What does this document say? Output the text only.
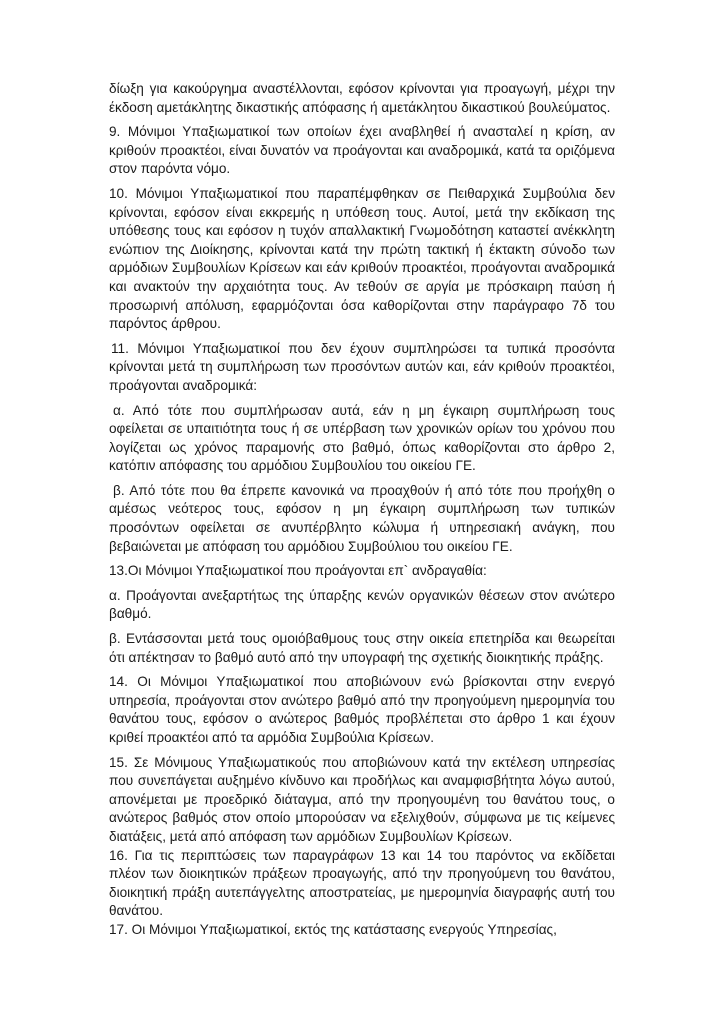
δίωξη για κακούργημα αναστέλλονται, εφόσον κρίνονται για προαγωγή, μέχρι την έκδοση αμετάκλητης δικαστικής απόφασης ή αμετάκλητου δικαστικού βουλεύματος.

9. Μόνιμοι Υπαξιωματικοί των οποίων έχει αναβληθεί ή ανασταλεί η κρίση, αν κριθούν προακτέοι, είναι δυνατόν να προάγονται και αναδρομικά, κατά τα οριζόμενα στον παρόντα νόμο.

10. Μόνιμοι Υπαξιωματικοί που παραπέμφθηκαν σε Πειθαρχικά Συμβούλια δεν κρίνονται, εφόσον είναι εκκρεμής η υπόθεση τους. Αυτοί, μετά την εκδίκαση της υπόθεσης τους και εφόσον η τυχόν απαλλακτική Γνωμοδότηση καταστεί ανέκκλητη ενώπιον της Διοίκησης, κρίνονται κατά την πρώτη τακτική ή έκτακτη σύνοδο των αρμόδιων Συμβουλίων Κρίσεων και εάν κριθούν προακτέοι, προάγονται αναδρομικά και ανακτούν την αρχαιότητα τους. Αν τεθούν σε αργία με πρόσκαιρη παύση ή προσωρινή απόλυση, εφαρμόζονται όσα καθορίζονται στην παράγραφο 7δ του παρόντος άρθρου.

11. Μόνιμοι Υπαξιωματικοί που δεν έχουν συμπληρώσει τα τυπικά προσόντα κρίνονται μετά τη συμπλήρωση των προσόντων αυτών και, εάν κριθούν προακτέοι, προάγονται αναδρομικά:

α. Από τότε που συμπλήρωσαν αυτά, εάν η μη έγκαιρη συμπλήρωση τους οφείλεται σε υπαιτιότητα τους ή σε υπέρβαση των χρονικών ορίων του χρόνου που λογίζεται ως χρόνος παραμονής στο βαθμό, όπως καθορίζονται στο άρθρο 2, κατόπιν απόφασης του αρμόδιου Συμβουλίου του οικείου ΓΕ.

β. Από τότε που θα έπρεπε κανονικά να προαχθούν ή από τότε που προήχθη ο αμέσως νεότερος τους, εφόσον η μη έγκαιρη συμπλήρωση των τυπικών προσόντων οφείλεται σε ανυπέρβλητο κώλυμα ή υπηρεσιακή ανάγκη, που βεβαιώνεται με απόφαση του αρμόδιου Συμβούλιου του οικείου ΓΕ.

13.Οι Μόνιμοι Υπαξιωματικοί που προάγονται επ` ανδραγαθία:

α. Προάγονται ανεξαρτήτως της ύπαρξης κενών οργανικών θέσεων στον ανώτερο βαθμό.

β. Εντάσσονται μετά τους ομοιόβαθμους τους στην οικεία επετηρίδα και θεωρείται ότι απέκτησαν το βαθμό αυτό από την υπογραφή της σχετικής διοικητικής πράξης.

14. Οι Μόνιμοι Υπαξιωματικοί που αποβιώνουν ενώ βρίσκονται στην ενεργό υπηρεσία, προάγονται στον ανώτερο βαθμό από την προηγούμενη ημερομηνία του θανάτου τους, εφόσον ο ανώτερος βαθμός προβλέπεται στο άρθρο 1 και έχουν κριθεί προακτέοι από τα αρμόδια Συμβούλια Κρίσεων.

15. Σε Μόνιμους Υπαξιωματικούς που αποβιώνουν κατά την εκτέλεση υπηρεσίας που συνεπάγεται αυξημένο κίνδυνο και προδήλως και αναμφισβήτητα λόγω αυτού, απονέμεται με προεδρικό διάταγμα, από την προηγουμένη του θανάτου τους, ο ανώτερος βαθμός στον οποίο μπορούσαν να εξελιχθούν, σύμφωνα με τις κείμενες διατάξεις, μετά από απόφαση των αρμόδιων Συμβουλίων Κρίσεων.

16. Για τις περιπτώσεις των παραγράφων 13 και 14 του παρόντος να εκδίδεται πλέον των διοικητικών πράξεων προαγωγής, από την προηγούμενη του θανάτου, διοικητική πράξη αυτεπάγγελτης αποστρατείας, με ημερομηνία διαγραφής αυτή του θανάτου.

17. Οι Μόνιμοι Υπαξιωματικοί, εκτός της κατάστασης ενεργούς Υπηρεσίας,
